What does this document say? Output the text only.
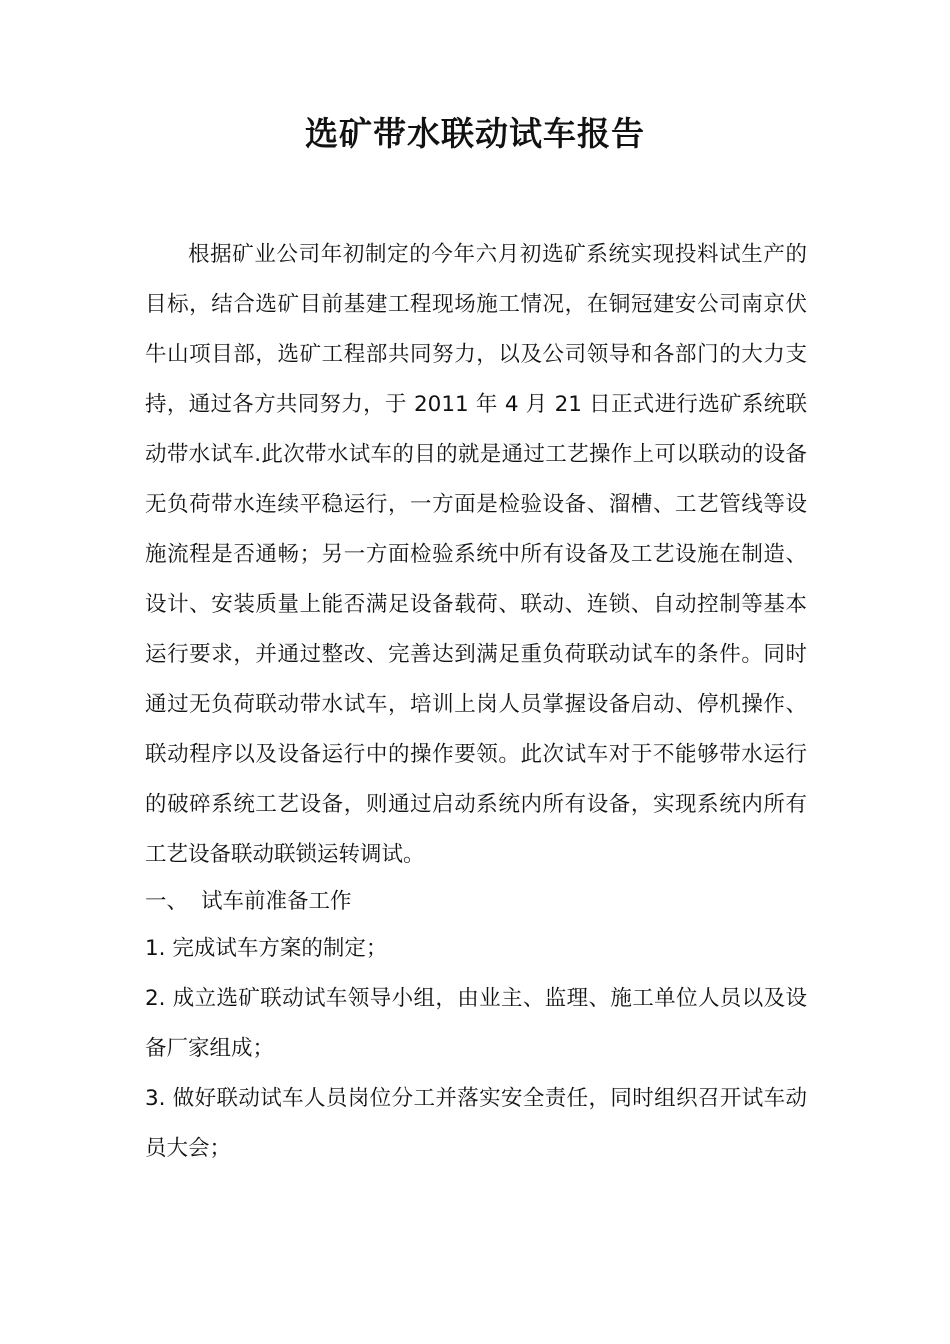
选矿带水联动试车报告

根据矿业公司年初制定的今年六月初选矿系统实现投料试生产的目标，结合选矿目前基建工程现场施工情况，在铜冠建安公司南京伏牛山项目部，选矿工程部共同努力，以及公司领导和各部门的大力支持，通过各方共同努力，于 2011 年 4 月 21 日正式进行选矿系统联动带水试车.此次带水试车的目的就是通过工艺操作上可以联动的设备无负荷带水连续平稳运行，一方面是检验设备、溜槽、工艺管线等设施流程是否通畅；另一方面检验系统中所有设备及工艺设施在制造、设计、安装质量上能否满足设备载荷、联动、连锁、自动控制等基本运行要求，并通过整改、完善达到满足重负荷联动试车的条件。同时通过无负荷联动带水试车，培训上岗人员掌握设备启动、停机操作、联动程序以及设备运行中的操作要领。此次试车对于不能够带水运行的破碎系统工艺设备，则通过启动系统内所有设备，实现系统内所有工艺设备联动联锁运转调试。

一、 试车前准备工作

1. 完成试车方案的制定；

2. 成立选矿联动试车领导小组，由业主、监理、施工单位人员以及设备厂家组成；

3. 做好联动试车人员岗位分工并落实安全责任，同时组织召开试车动员大会；
